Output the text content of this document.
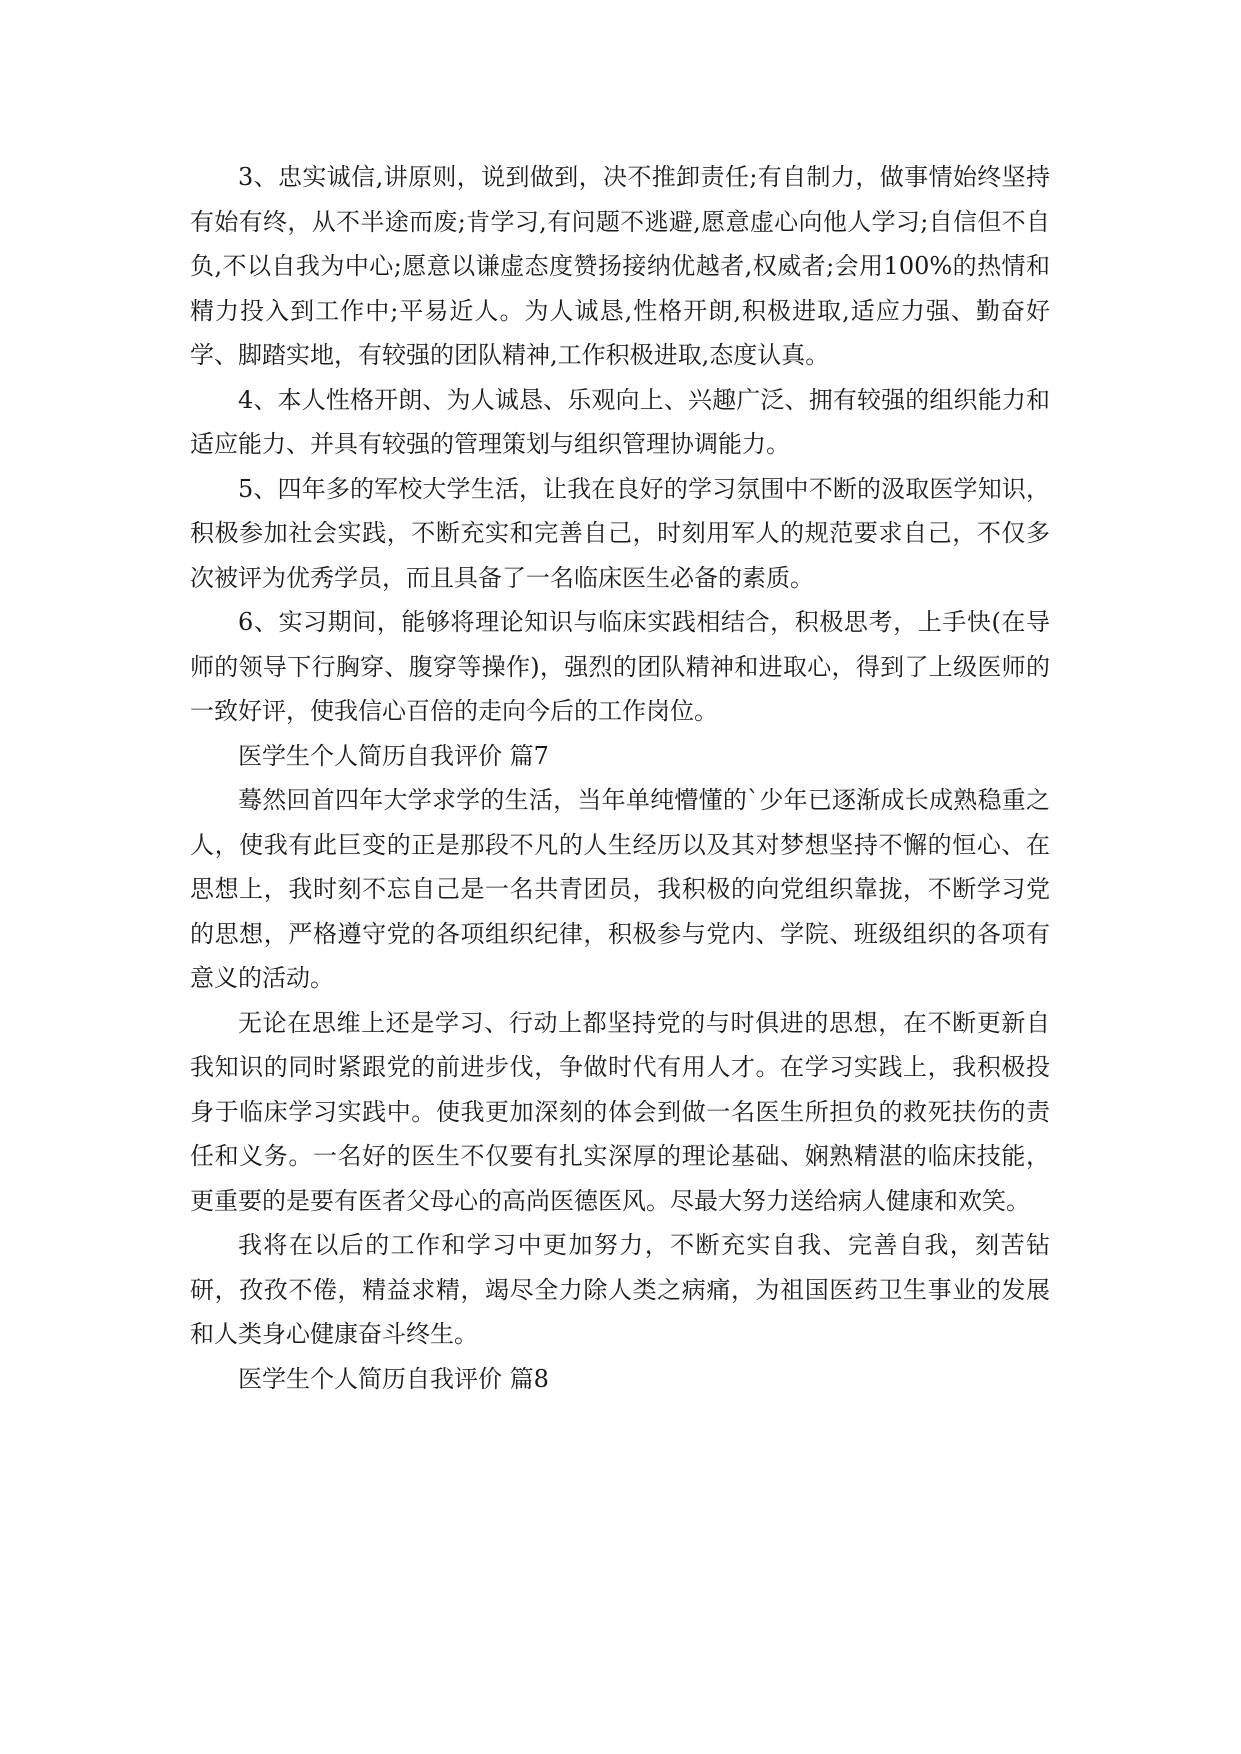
3、忠实诚信,讲原则，说到做到，决不推卸责任;有自制力，做事情始终坚持有始有终，从不半途而废;肯学习,有问题不逃避,愿意虚心向他人学习;自信但不自负,不以自我为中心;愿意以谦虚态度赞扬接纳优越者,权威者;会用100%的热情和精力投入到工作中;平易近人。为人诚恳,性格开朗,积极进取,适应力强、勤奋好学、脚踏实地，有较强的团队精神,工作积极进取,态度认真。

4、本人性格开朗、为人诚恳、乐观向上、兴趣广泛、拥有较强的组织能力和适应能力、并具有较强的管理策划与组织管理协调能力。

5、四年多的军校大学生活，让我在良好的学习氛围中不断的汲取医学知识，积极参加社会实践，不断充实和完善自己，时刻用军人的规范要求自己，不仅多次被评为优秀学员，而且具备了一名临床医生必备的素质。

6、实习期间，能够将理论知识与临床实践相结合，积极思考，上手快(在导师的领导下行胸穿、腹穿等操作)，强烈的团队精神和进取心，得到了上级医师的一致好评，使我信心百倍的走向今后的工作岗位。

医学生个人简历自我评价 篇7

蓦然回首四年大学求学的生活，当年单纯懵懂的`少年已逐渐成长成熟稳重之人，使我有此巨变的正是那段不凡的人生经历以及其对梦想坚持不懈的恒心、在思想上，我时刻不忘自己是一名共青团员，我积极的向党组织靠拢，不断学习党的思想，严格遵守党的各项组织纪律，积极参与党内、学院、班级组织的各项有意义的活动。

无论在思维上还是学习、行动上都坚持党的与时俱进的思想，在不断更新自我知识的同时紧跟党的前进步伐，争做时代有用人才。在学习实践上，我积极投身于临床学习实践中。使我更加深刻的体会到做一名医生所担负的救死扶伤的责任和义务。一名好的医生不仅要有扎实深厚的理论基础、娴熟精湛的临床技能，更重要的是要有医者父母心的高尚医德医风。尽最大努力送给病人健康和欢笑。

我将在以后的工作和学习中更加努力，不断充实自我、完善自我，刻苦钻研，孜孜不倦，精益求精，竭尽全力除人类之病痛，为祖国医药卫生事业的发展和人类身心健康奋斗终生。

医学生个人简历自我评价 篇8
